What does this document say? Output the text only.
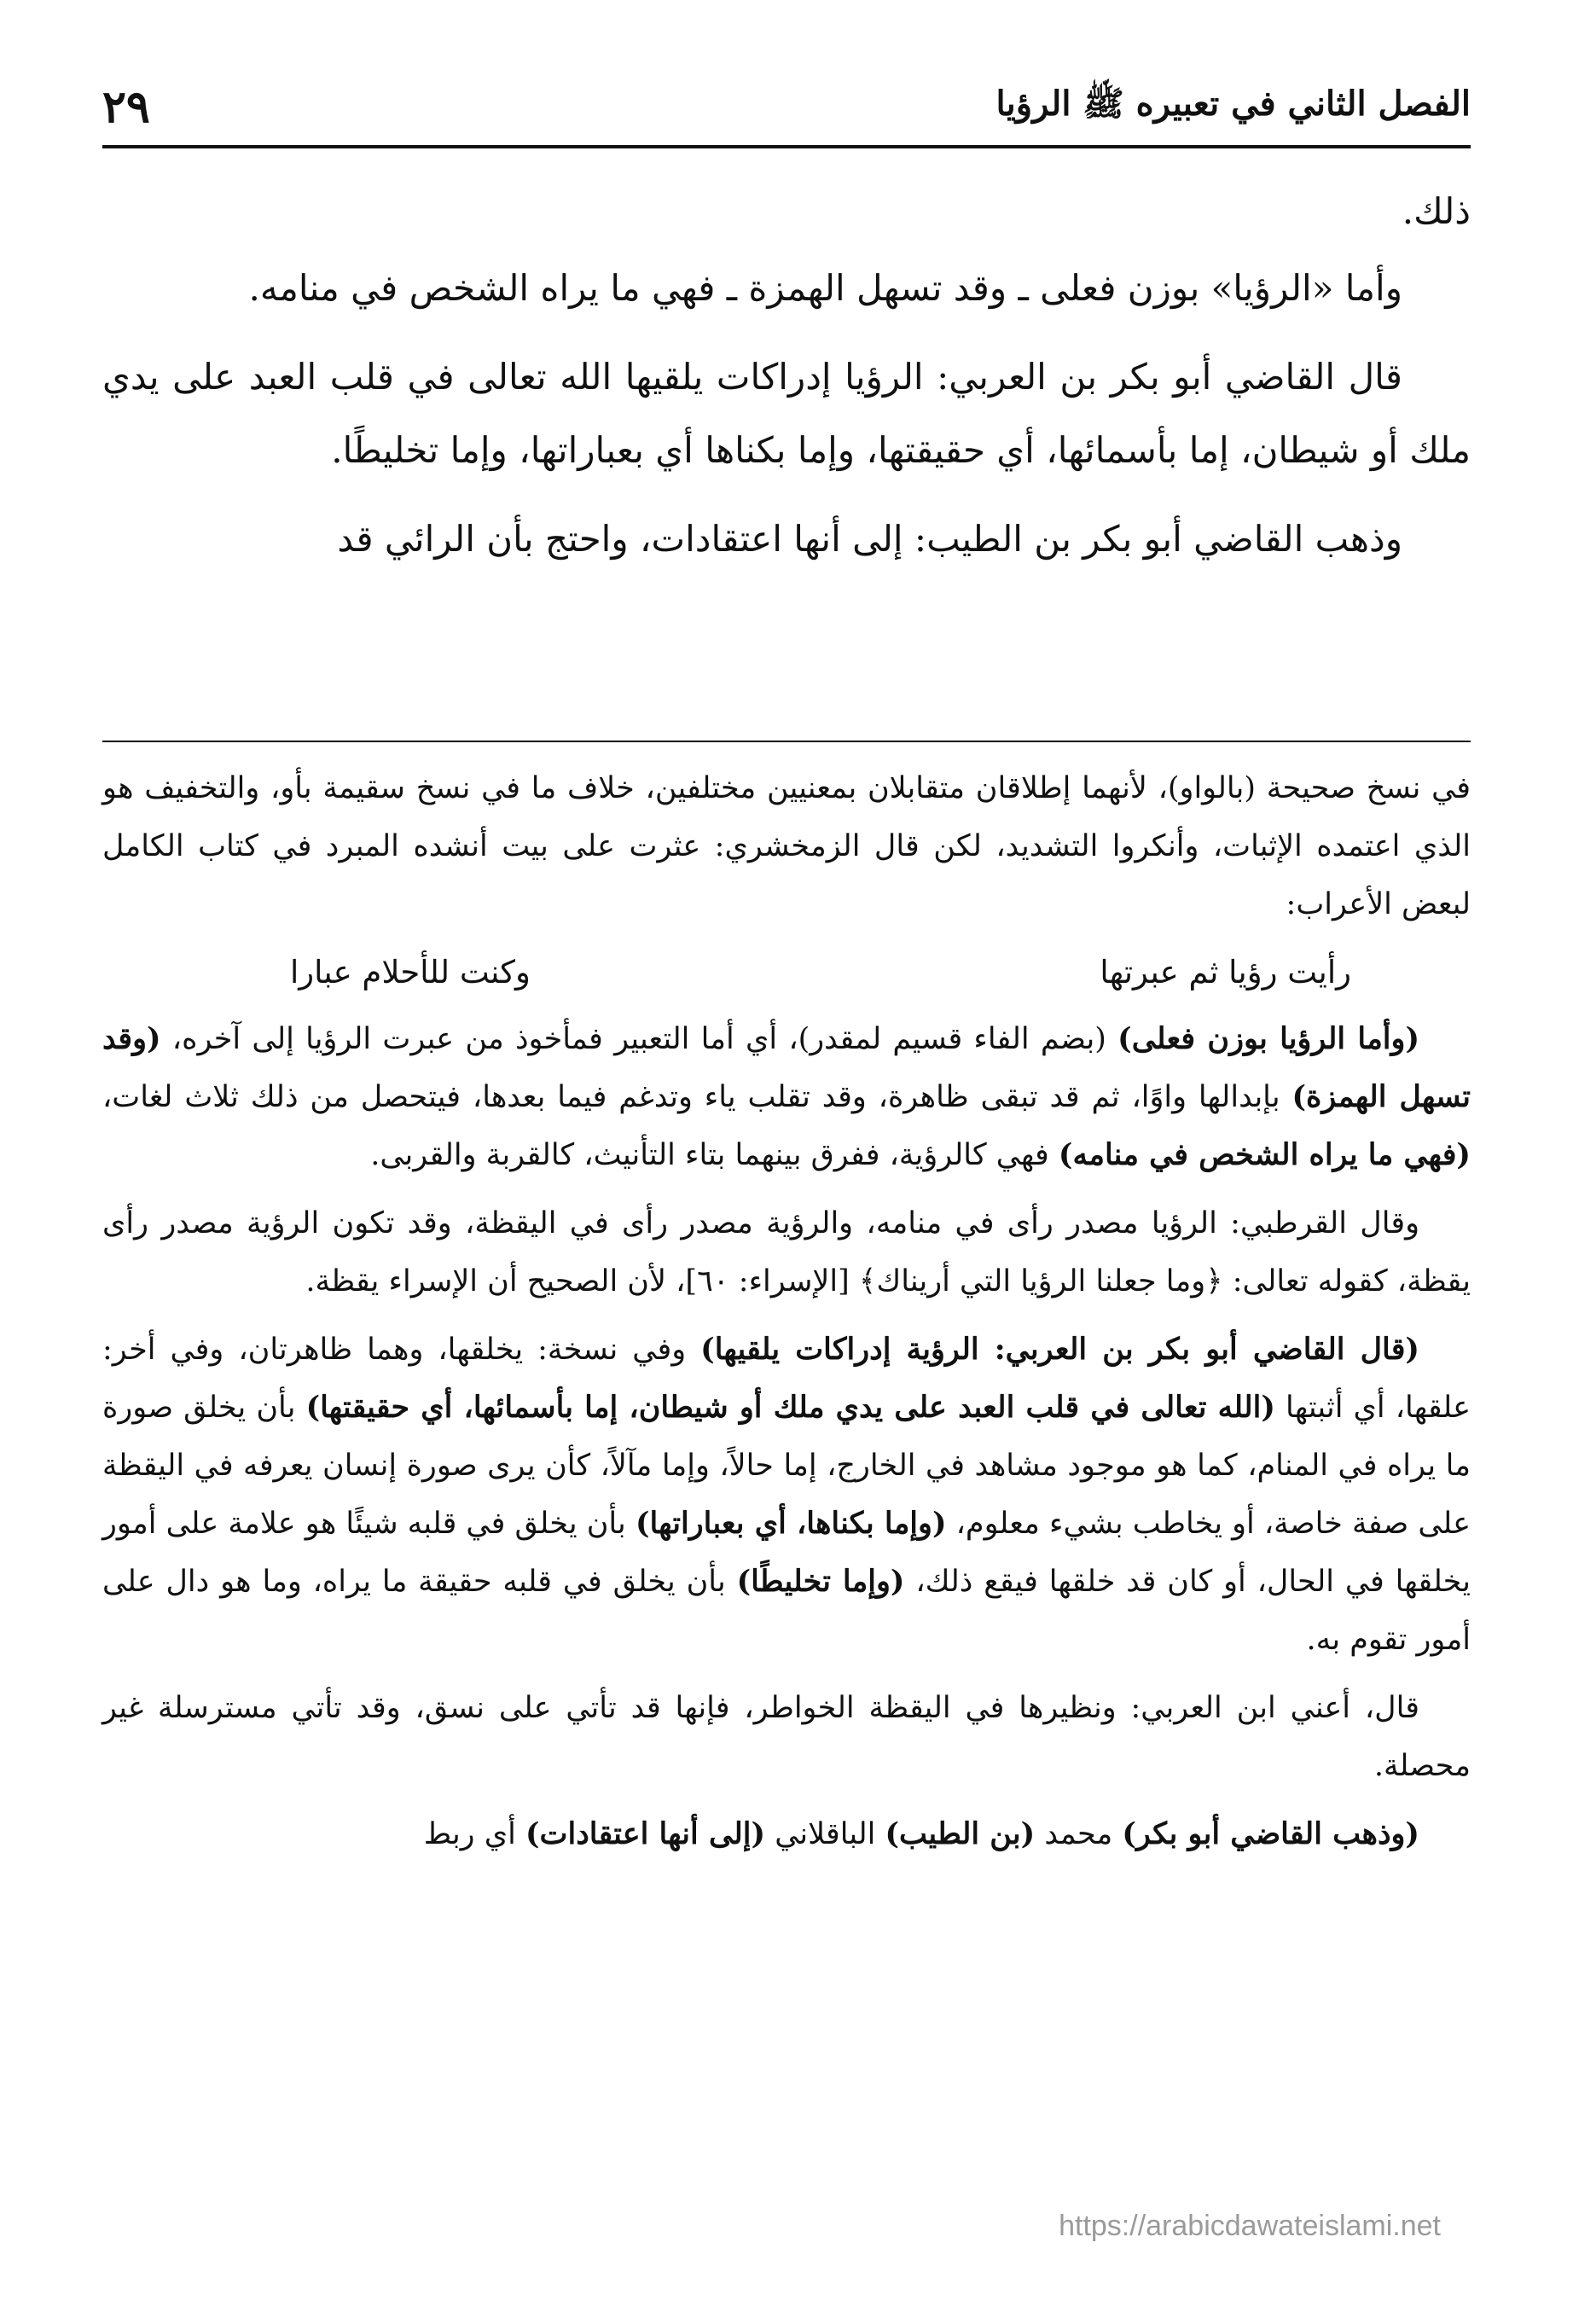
٢٩	الفصل الثاني في تعبيره ﷺ الرؤيا

ذلك.

وأما «الرؤيا» بوزن فعلى ـ وقد تسهل الهمزة ـ فهي ما يراه الشخص في منامه.

قال القاضي أبو بكر بن العربي: الرؤيا إدراكات يلقيها الله تعالى في قلب العبد على يدي ملك أو شيطان، إما بأسمائها، أي حقيقتها، وإما بكناها أي بعباراتها، وإما تخليطًا.

وذهب القاضي أبو بكر بن الطيب: إلى أنها اعتقادات، واحتج بأن الرائي قد

في نسخ صحيحة (بالواو)، لأنهما إطلاقان متقابلان بمعنيين مختلفين، خلاف ما في نسخ سقيمة بأو، والتخفيف هو الذي اعتمده الإثبات، وأنكروا التشديد، لكن قال الزمخشري: عثرت على بيت أنشده المبرد في كتاب الكامل لبعض الأعراب:

رأيت رؤيا ثم عبرتها
وكنت للأحلام عبارا

(وأما الرؤيا بوزن فعلى) (بضم الفاء قسيم لمقدر)، أي أما التعبير فمأخوذ من عبرت الرؤيا إلى آخره، (وقد تسهل الهمزة) بإبدالها واوًا، ثم قد تبقى ظاهرة، وقد تقلب ياء وتدغم فيما بعدها، فيتحصل من ذلك ثلاث لغات، (فهي ما يراه الشخص في منامه) فهي كالرؤية، ففرق بينهما بتاء التأنيث، كالقربة والقربى.

وقال القرطبي: الرؤيا مصدر رأى في منامه، والرؤية مصدر رأى في اليقظة، وقد تكون الرؤية مصدر رأى يقظة، كقوله تعالى: ﴿وما جعلنا الرؤيا التي أريناك﴾ [الإسراء: ٦٠]، لأن الصحيح أن الإسراء يقظة.

(قال القاضي أبو بكر بن العربي: الرؤية إدراكات يلقيها) وفي نسخة: يخلقها، وهما ظاهرتان، وفي أخر: علقها، أي أثبتها (الله تعالى في قلب العبد على يدي ملك أو شيطان، إما بأسمائها، أي حقيقتها) بأن يخلق صورة ما يراه في المنام، كما هو موجود مشاهد في الخارج، إما حالاً، وإما مآلاً، كأن يرى صورة إنسان يعرفه في اليقظة على صفة خاصة، أو يخاطب بشيء معلوم، (وإما بكناها، أي بعباراتها) بأن يخلق في قلبه شيئًا هو علامة على أمور يخلقها في الحال، أو كان قد خلقها فيقع ذلك، (وإما تخليطًا) بأن يخلق في قلبه حقيقة ما يراه، وما هو دال على أمور تقوم به.

قال، أعني ابن العربي: ونظيرها في اليقظة الخواطر، فإنها قد تأتي على نسق، وقد تأتي مسترسلة غير محصلة.

(وذهب القاضي أبو بكر) محمد (بن الطيب) الباقلاني (إلى أنها اعتقادات) أي ربط

https://arabicdawateislami.net
